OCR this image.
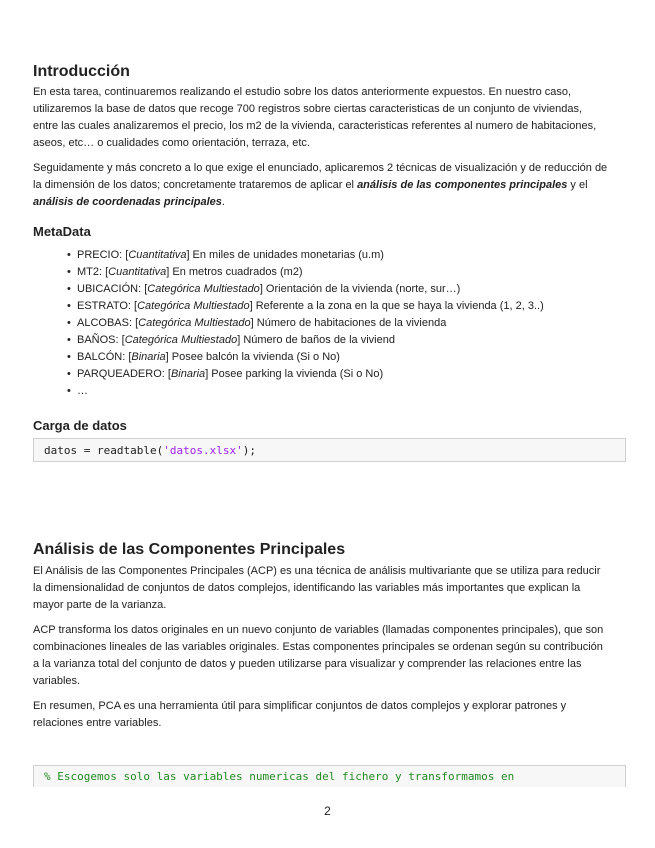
Introducción

En esta tarea, continuaremos realizando el estudio sobre los datos anteriormente expuestos. En nuestro caso, utilizaremos la base de datos que recoge 700 registros sobre ciertas caracteristicas de un conjunto de viviendas, entre las cuales analizaremos el precio, los m2 de la vivienda, caracteristicas referentes al numero de habitaciones, aseos, etc… o cualidades como orientación, terraza, etc.

Seguidamente y más concreto a lo que exige el enunciado, aplicaremos 2 técnicas de visualización y de reducción de la dimensión de los datos; concretamente trataremos de aplicar el análisis de las componentes principales y el análisis de coordenadas principales.

MetaData
• PRECIO: [Cuantitativa] En miles de unidades monetarias (u.m)
• MT2: [Cuantitativa] En metros cuadrados (m2)
• UBICACIÓN: [Categórica Multiestado] Orientación de la vivienda (norte, sur…)
• ESTRATO: [Categórica Multiestado] Referente a la zona en la que se haya la vivienda (1, 2, 3..)
• ALCOBAS: [Categórica Multiestado] Número de habitaciones de la vivienda
• BAÑOS: [Categórica Multiestado] Número de baños de la viviend
• BALCÓN: [Binaria] Posee balcón la vivienda (Si o No)
• PARQUEADERO: [Binaria] Posee parking la vivienda (Si o No)
• …
Carga de datos
datos = readtable('datos.xlsx');
Análisis de las Componentes Principales

El Análisis de las Componentes Principales (ACP) es una técnica de análisis multivariante que se utiliza para reducir la dimensionalidad de conjuntos de datos complejos, identificando las variables más importantes que explican la mayor parte de la varianza.

ACP transforma los datos originales en un nuevo conjunto de variables (llamadas componentes principales), que son combinaciones lineales de las variables originales. Estas componentes principales se ordenan según su contribución a la varianza total del conjunto de datos y pueden utilizarse para visualizar y comprender las relaciones entre las variables.

En resumen, PCA es una herramienta útil para simplificar conjuntos de datos complejos y explorar patrones y relaciones entre variables.

% Escogemos solo las variables numericas del fichero y transformamos en
2
